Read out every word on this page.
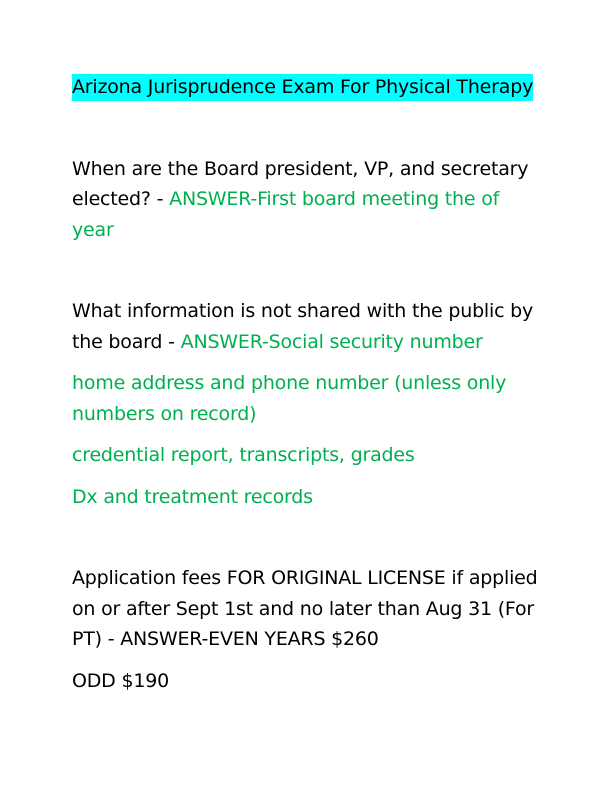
Arizona Jurisprudence Exam For Physical Therapy

When are the Board president, VP, and secretary elected? - ANSWER-First board meeting the of year

What information is not shared with the public by the board - ANSWER-Social security number

home address and phone number (unless only numbers on record)

credential report, transcripts, grades

Dx and treatment records

Application fees FOR ORIGINAL LICENSE if applied on or after Sept 1st and no later than Aug 31 (For PT) - ANSWER-EVEN YEARS $260

ODD $190
